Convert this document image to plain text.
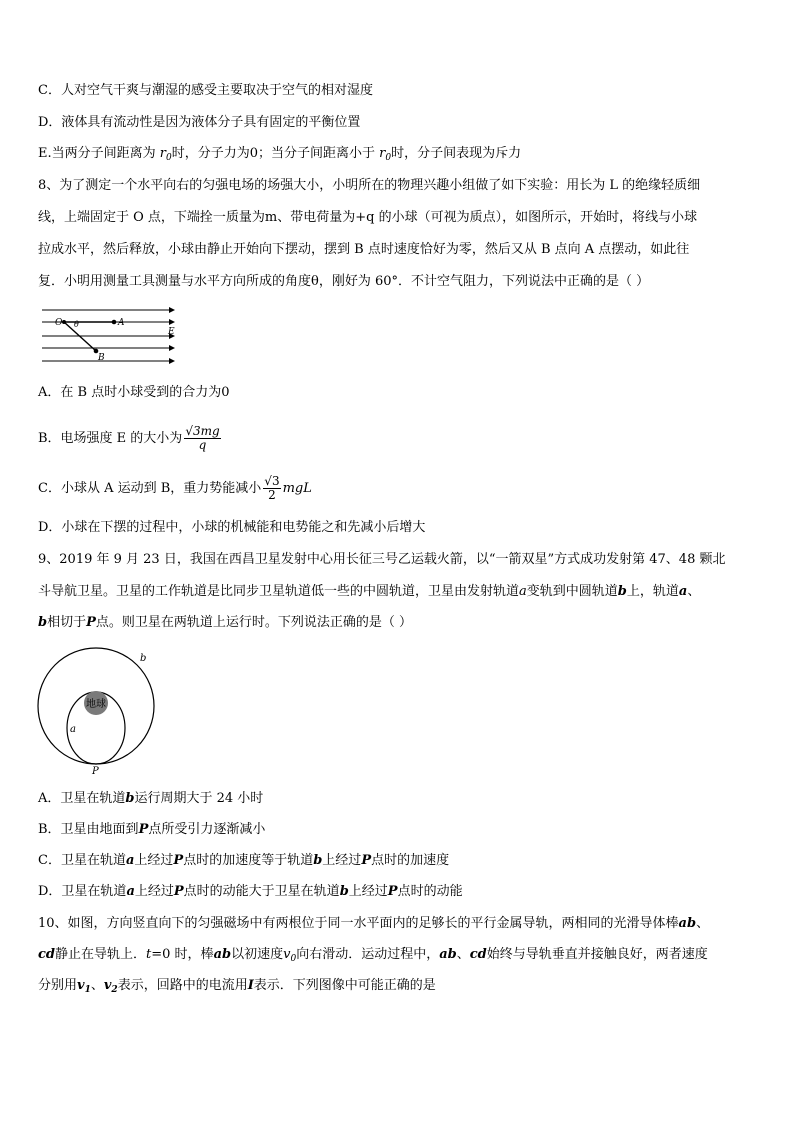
C．人对空气干爽与潮湿的感受主要取决于空气的相对湿度
D．液体具有流动性是因为液体分子具有固定的平衡位置
E.当两分子间距离为 $r_0$时，分子力为0；当分子间距离小于 $r_0$时，分子间表现为斥力
8、为了测定一个水平向右的匀强电场的场强大小，小明所在的物理兴趣小组做了如下实验：用长为 L 的绝缘轻质细
线，上端固定于 O 点，下端拴一质量为m、带电荷量为+q 的小球（可视为质点），如图所示，开始时，将线与小球
拉成水平，然后释放，小球由静止开始向下摆动，摆到 B 点时速度恰好为零，然后又从 B 点向 A 点摆动，如此往
复．小明用测量工具测量与水平方向所成的角度θ，刚好为 60°．不计空气阻力，下列说法中正确的是（ ）
O θ	A
B
E
A．在 B 点时小球受到的合力为0
B．电场强度 E 的大小为 $\frac{√3mg}{q}$
C．小球从 A 运动到 B，重力势能减小 $\frac{√3}{2}$ mgL
D．小球在下摆的过程中，小球的机械能和电势能之和先减小后增大
9、2019 年 9 月 23 日，我国在西昌卫星发射中心用长征三号乙运载火箭，以“一箭双星”方式成功发射第 47、48 颗北
斗导航卫星。卫星的工作轨道是比同步卫星轨道低一些的中圆轨道，卫星由发射轨道a变轨到中圆轨道b上，轨道a、
b相切于P点。则卫星在两轨道上运行时。下列说法正确的是（ ）
地球
b
a
P
A．卫星在轨道b运行周期大于 24 小时
B．卫星由地面到P点所受引力逐渐减小
C．卫星在轨道a上经过P点时的加速度等于轨道b上经过P点时的加速度
D．卫星在轨道a上经过P点时的动能大于卫星在轨道b上经过P点时的动能
10、如图，方向竖直向下的匀强磁场中有两根位于同一水平面内的足够长的平行金属导轨，两相同的光滑导体棒ab、
cd静止在导轨上．t=0 时，棒ab以初速度$v_0$向右滑动．运动过程中，ab、cd始终与导轨垂直并接触良好，两者速度
分别用$v_1$、$v_2$表示，回路中的电流用I表示．下列图像中可能正确的是
